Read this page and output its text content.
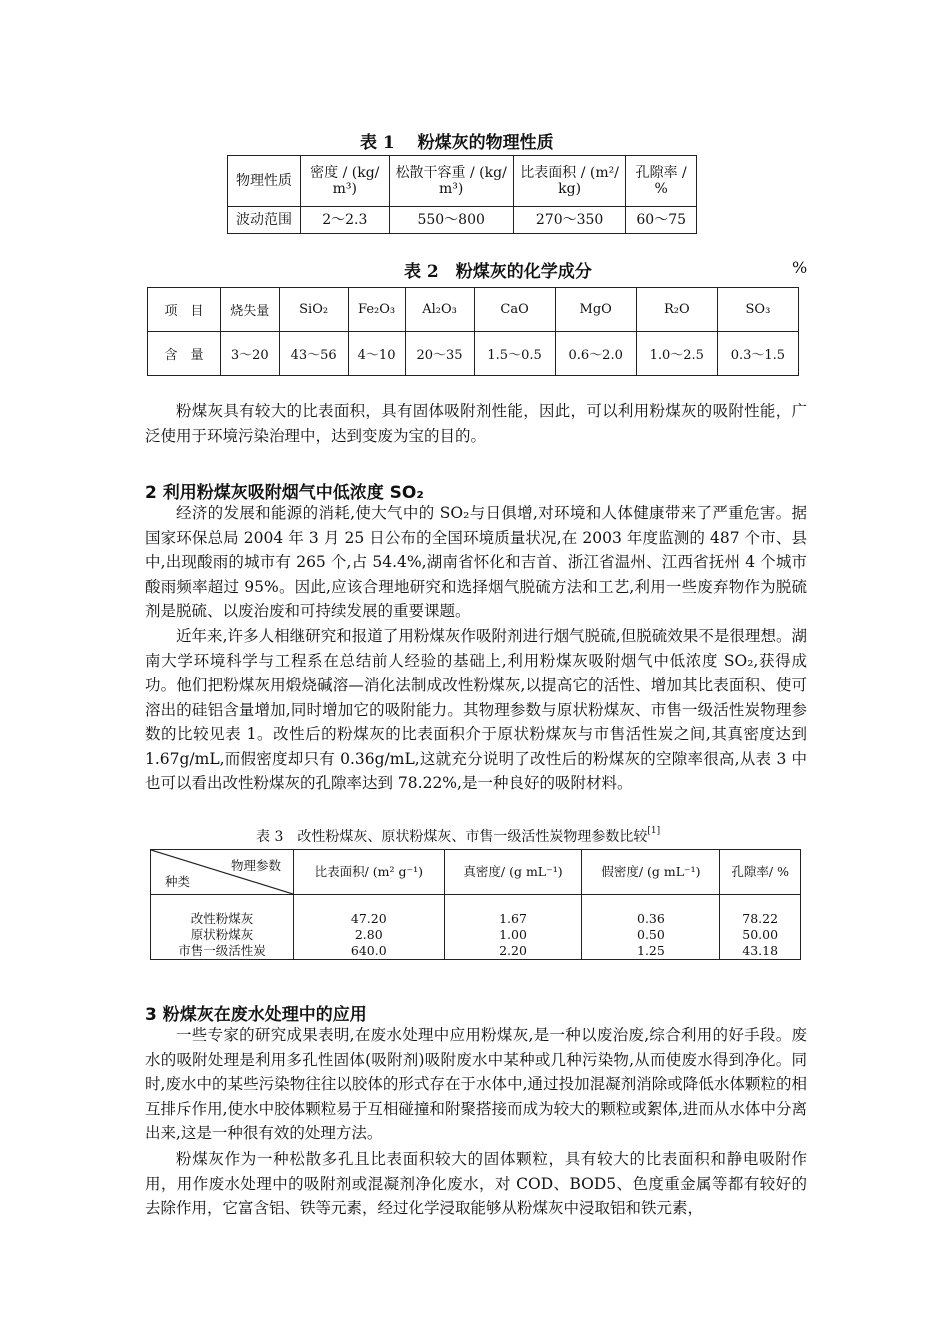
表 1　 粉煤灰的物理性质
物理性质	密度 / (kg/ m³)	松散干容重 / (kg/ m³)	比表面积 / (m²/ kg)	孔隙率 /　%
波动范围	2～2.3	550～800	270～350	60～75
表 2　粉煤灰的化学成分	%
项　目	烧失量	SiO₂	Fe₂O₃	Al₂O₃	CaO	MgO	R₂O	SO₃
含　量	3～20	43～56	4～10	20～35	1.5～0.5	0.6～2.0	1.0～2.5	0.3～1.5

粉煤灰具有较大的比表面积，具有固体吸附剂性能，因此，可以利用粉煤灰的吸附性能，广泛使用于环境污染治理中，达到变废为宝的目的。

2 利用粉煤灰吸附烟气中低浓度 SO₂

经济的发展和能源的消耗,使大气中的 SO₂与日俱增,对环境和人体健康带来了严重危害。据国家环保总局 2004 年 3 月 25 日公布的全国环境质量状况,在 2003 年度监测的 487 个市、县中,出现酸雨的城市有 265 个,占 54.4%,湖南省怀化和吉首、浙江省温州、江西省抚州 4 个城市酸雨频率超过 95%。因此,应该合理地研究和选择烟气脱硫方法和工艺,利用一些废弃物作为脱硫剂是脱硫、以废治废和可持续发展的重要课题。

近年来,许多人相继研究和报道了用粉煤灰作吸附剂进行烟气脱硫,但脱硫效果不是很理想。湖南大学环境科学与工程系在总结前人经验的基础上,利用粉煤灰吸附烟气中低浓度 SO₂,获得成功。他们把粉煤灰用煅烧碱溶—消化法制成改性粉煤灰,以提高它的活性、增加其比表面积、使可溶出的硅铝含量增加,同时增加它的吸附能力。其物理参数与原状粉煤灰、市售一级活性炭物理参数的比较见表 1。改性后的粉煤灰的比表面积介于原状粉煤灰与市售活性炭之间,其真密度达到 1.67g/mL,而假密度却只有 0.36g/mL,这就充分说明了改性后的粉煤灰的空隙率很高,从表 3 中也可以看出改性粉煤灰的孔隙率达到 78.22%,是一种良好的吸附材料。

表 3　改性粉煤灰、原状粉煤灰、市售一级活性炭物理参数比较[1]
物理参数
种类	比表面积/ (m² g⁻¹)	真密度/ (g mL⁻¹)	假密度/ (g mL⁻¹)	孔隙率/ %

改性粉煤灰	47.20	1.67	0.36	78.22
原状粉煤灰	2.80	1.00	0.50	50.00
市售一级活性炭	640.0	2.20	1.25	43.18
3 粉煤灰在废水处理中的应用

一些专家的研究成果表明,在废水处理中应用粉煤灰,是一种以废治废,综合利用的好手段。废水的吸附处理是利用多孔性固体(吸附剂)吸附废水中某种或几种污染物,从而使废水得到净化。同时,废水中的某些污染物往往以胶体的形式存在于水体中,通过投加混凝剂消除或降低水体颗粒的相互排斥作用,使水中胶体颗粒易于互相碰撞和附聚搭接而成为较大的颗粒或絮体,进而从水体中分离出来,这是一种很有效的处理方法。

粉煤灰作为一种松散多孔且比表面积较大的固体颗粒，具有较大的比表面积和静电吸附作用，用作废水处理中的吸附剂或混凝剂净化废水，对 COD、BOD5、色度重金属等都有较好的去除作用，它富含铝、铁等元素，经过化学浸取能够从粉煤灰中浸取铝和铁元素，
